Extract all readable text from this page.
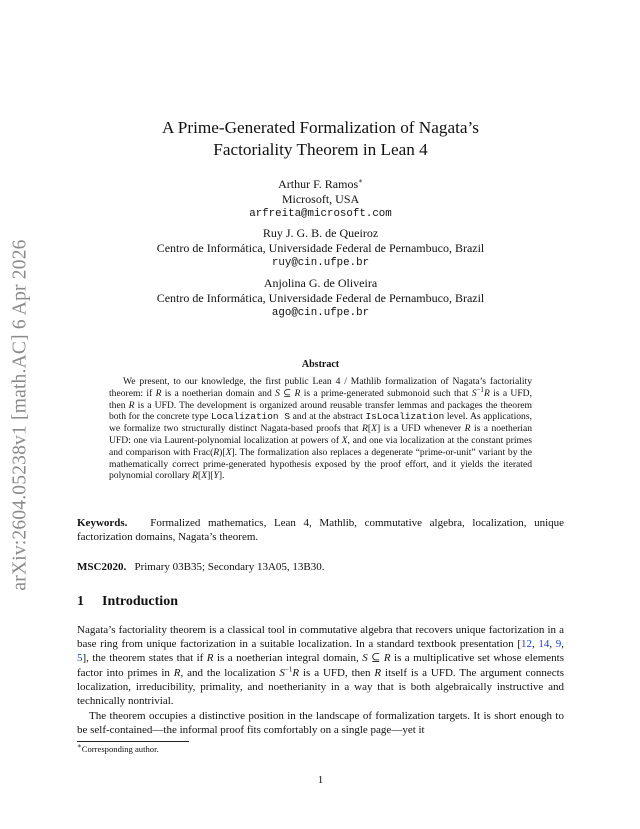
arXiv:2604.05238v1 [math.AC] 6 Apr 2026
A Prime-Generated Formalization of Nagata’s
Factoriality Theorem in Lean 4
Arthur F. Ramos∗
Microsoft, USA
arfreita@microsoft.com
Ruy J. G. B. de Queiroz
Centro de Informática, Universidade Federal de Pernambuco, Brazil
ruy@cin.ufpe.br
Anjolina G. de Oliveira
Centro de Informática, Universidade Federal de Pernambuco, Brazil
ago@cin.ufpe.br
Abstract

We present, to our knowledge, the first public Lean 4 / Mathlib formalization of Nagata’s factoriality theorem: if R is a noetherian domain and S ⊆ R is a prime-generated submonoid such that $S^{-1}R$ is a UFD, then R is a UFD. The development is organized around reusable transfer lemmas and packages the theorem both for the concrete type Localization S and at the abstract IsLocalization level. As applications, we formalize two structurally distinct Nagata-based proofs that R[X] is a UFD whenever R is a noetherian UFD: one via Laurent-polynomial localization at powers of X, and one via localization at the constant primes and comparison with Frac(R)[X]. The formalization also replaces a degenerate “prime-or-unit” variant by the mathematically correct prime-generated hypothesis exposed by the proof effort, and it yields the iterated polynomial corollary R[X][Y].

Keywords. Formalized mathematics, Lean 4, Mathlib, commutative algebra, localization, unique factorization domains, Nagata’s theorem.

MSC2020. Primary 03B35; Secondary 13A05, 13B30.

1 Introduction

Nagata’s factoriality theorem is a classical tool in commutative algebra that recovers unique factorization in a base ring from unique factorization in a suitable localization. In a standard textbook presentation [12, 14, 9, 5], the theorem states that if R is a noetherian integral domain, S ⊆ R is a multiplicative set whose elements factor into primes in R, and the localization $S^{-1}R$ is a UFD, then R itself is a UFD. The argument connects localization, irreducibility, primality, and noetherianity in a way that is both algebraically instructive and technically nontrivial.

The theorem occupies a distinctive position in the landscape of formalization targets. It is short enough to be self-contained—the informal proof fits comfortably on a single page—yet it

∗Corresponding author.
1
